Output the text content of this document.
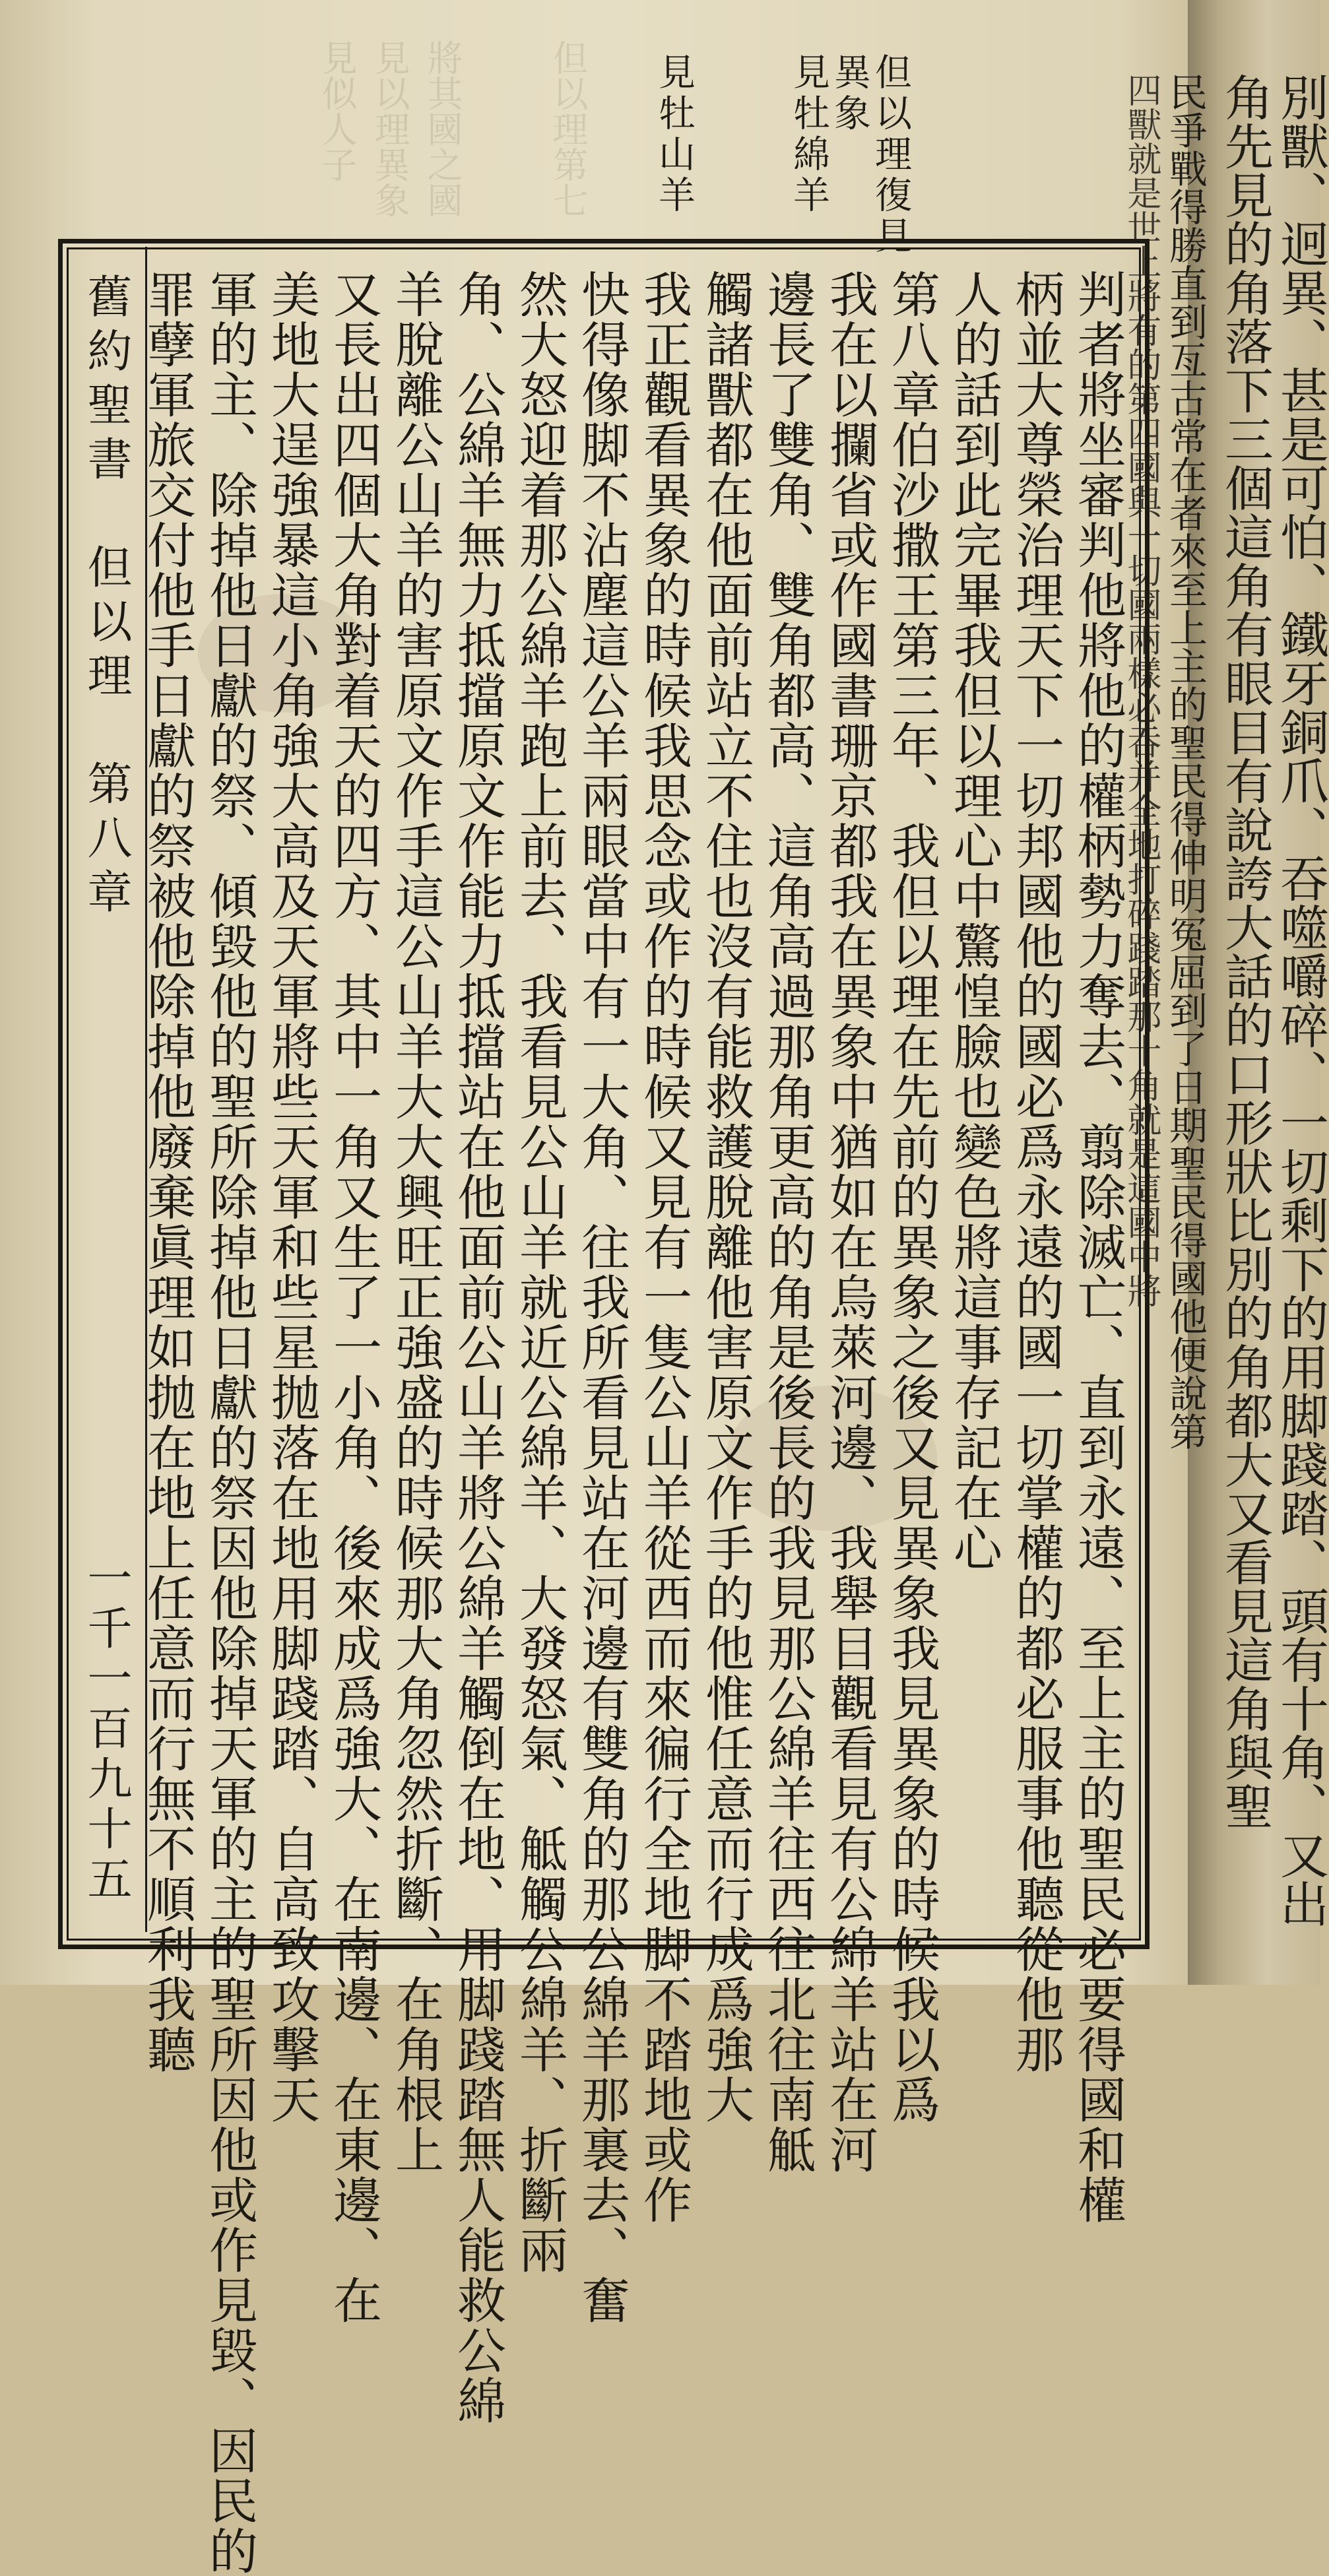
但以理第七
將其國之國
見以理異象
見似人子	但以理復見
異象
見牡綿羊
見牡山羊
舊約聖書　但以理　第八章
一千一百九十五	判者將坐審判他將他的權柄勢力奪去、翦除滅亡、直到永遠、至上主的聖民必要得國和權
柄並大尊榮治理天下一切邦國他的國必爲永遠的國一切掌權的都必服事他聽從他那
人的話到此完畢我但以理心中驚惶臉也變色將這事存記在心
第八章伯沙撒王第三年、我但以理在先前的異象之後又見異象我見異象的時候我以爲
我在以攔省或作國書珊京都我在異象中猶如在烏萊河邊、我舉目觀看見有公綿羊站在河
邊長了雙角、雙角都高、這角高過那角更高的角是後長的我見那公綿羊往西往北往南觝
觸諸獸都在他面前站立不住也沒有能救護脫離他害原文作手的他惟任意而行成爲強大
我正觀看異象的時候我思念或作的時候又見有一隻公山羊從西而來徧行全地脚不踏地或作
快得像脚不沾塵這公羊兩眼當中有一大角、往我所看見站在河邊有雙角的那公綿羊那裏去、奮
然大怒迎着那公綿羊跑上前去、我看見公山羊就近公綿羊、大發怒氣、觝觸公綿羊、折斷兩
角、公綿羊無力抵擋原文作能力抵擋站在他面前公山羊將公綿羊觸倒在地、用脚踐踏無人能救公綿
羊脫離公山羊的害原文作手這公山羊大大興旺正強盛的時候那大角忽然折斷、在角根上
又長出四個大角對着天的四方、其中一角又生了一小角、後來成爲強大、在南邊、在東邊、在
美地大逞強暴這小角強大高及天軍將些天軍和些星抛落在地用脚踐踏、自高致攻擊天
軍的主、除掉他日獻的祭、傾毀他的聖所除掉他日獻的祭因他除掉天軍的主的聖所因他或作見毀、因民的
罪孽軍旅交付他手日獻的祭被他除掉他廢棄眞理如抛在地上任意而行無不順利我聽	別獸、迥異、甚是可怕、鐵牙銅爪、吞噬嚼碎、一切剩下的用脚踐踏、頭有十角、又出
角先見的角落下三個這角有眼目有說誇大話的口形狀比別的角都大又看見這角與聖
民爭戰得勝直到亙古常在者來至上主的聖民得伸明冤屈到了日期聖民得國他便說第
四獸就是世上將有的第四國與一切國兩樣必吞并全地打碎踐踏那十角就是這國中將
